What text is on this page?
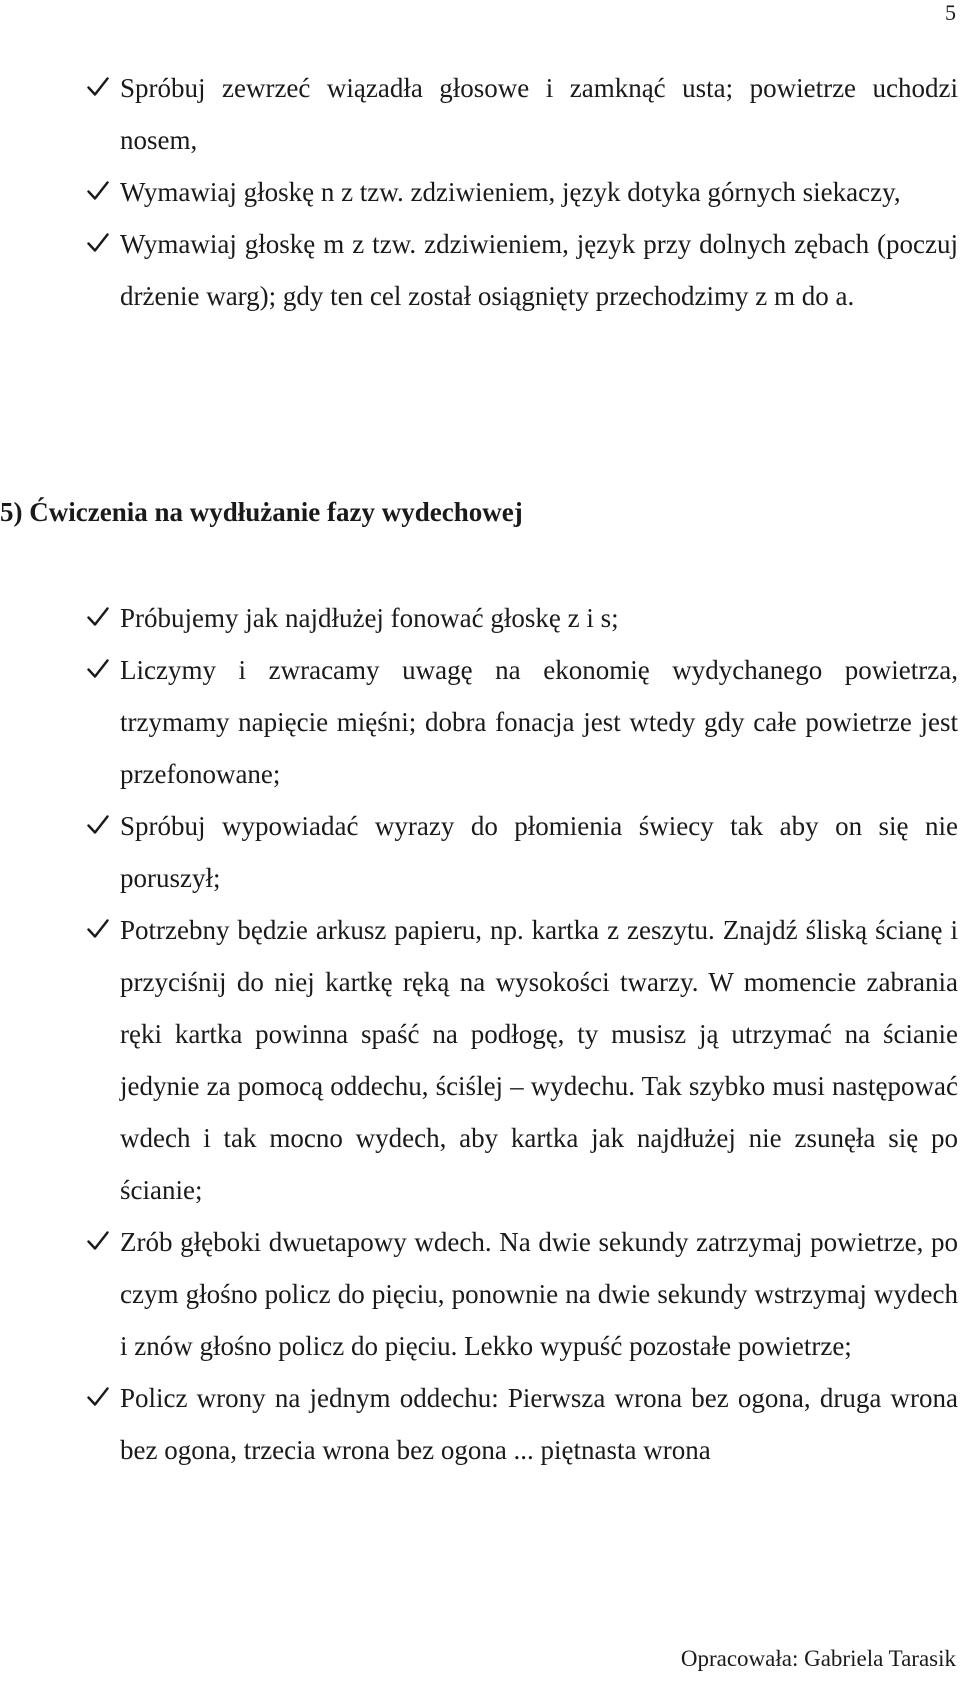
5
Spróbuj zewrzeć wiązadła głosowe i zamknąć usta; powietrze uchodzi nosem,
Wymawiaj głoskę n z tzw. zdziwieniem, język dotyka górnych siekaczy,
Wymawiaj głoskę m z tzw. zdziwieniem, język przy dolnych zębach (poczuj drżenie warg); gdy ten cel został osiągnięty przechodzimy z m do a.
5) Ćwiczenia na wydłużanie fazy wydechowej
Próbujemy jak najdłużej fonować głoskę z i s;
Liczymy i zwracamy uwagę na ekonomię wydychanego powietrza, trzymamy napięcie mięśni; dobra fonacja jest wtedy gdy całe powietrze jest przefonowane;
Spróbuj wypowiadać wyrazy do płomienia świecy tak aby on się nie poruszył;
Potrzebny będzie arkusz papieru, np. kartka z zeszytu. Znajdź śliską ścianę i przyciśnij do niej kartkę ręką na wysokości twarzy. W momencie zabrania ręki kartka powinna spaść na podłogę, ty musisz ją utrzymać na ścianie jedynie za pomocą oddechu, ściślej – wydechu. Tak szybko musi następować wdech i tak mocno wydech, aby kartka jak najdłużej nie zsunęła się po ścianie;
Zrób głęboki dwuetapowy wdech. Na dwie sekundy zatrzymaj powietrze, po czym głośno policz do pięciu, ponownie na dwie sekundy wstrzymaj wydech i znów głośno policz do pięciu. Lekko wypuść pozostałe powietrze;
Policz wrony na jednym oddechu: Pierwsza wrona bez ogona, druga wrona bez ogona, trzecia wrona bez ogona ... piętnasta wrona
Opracowała: Gabriela Tarasik
